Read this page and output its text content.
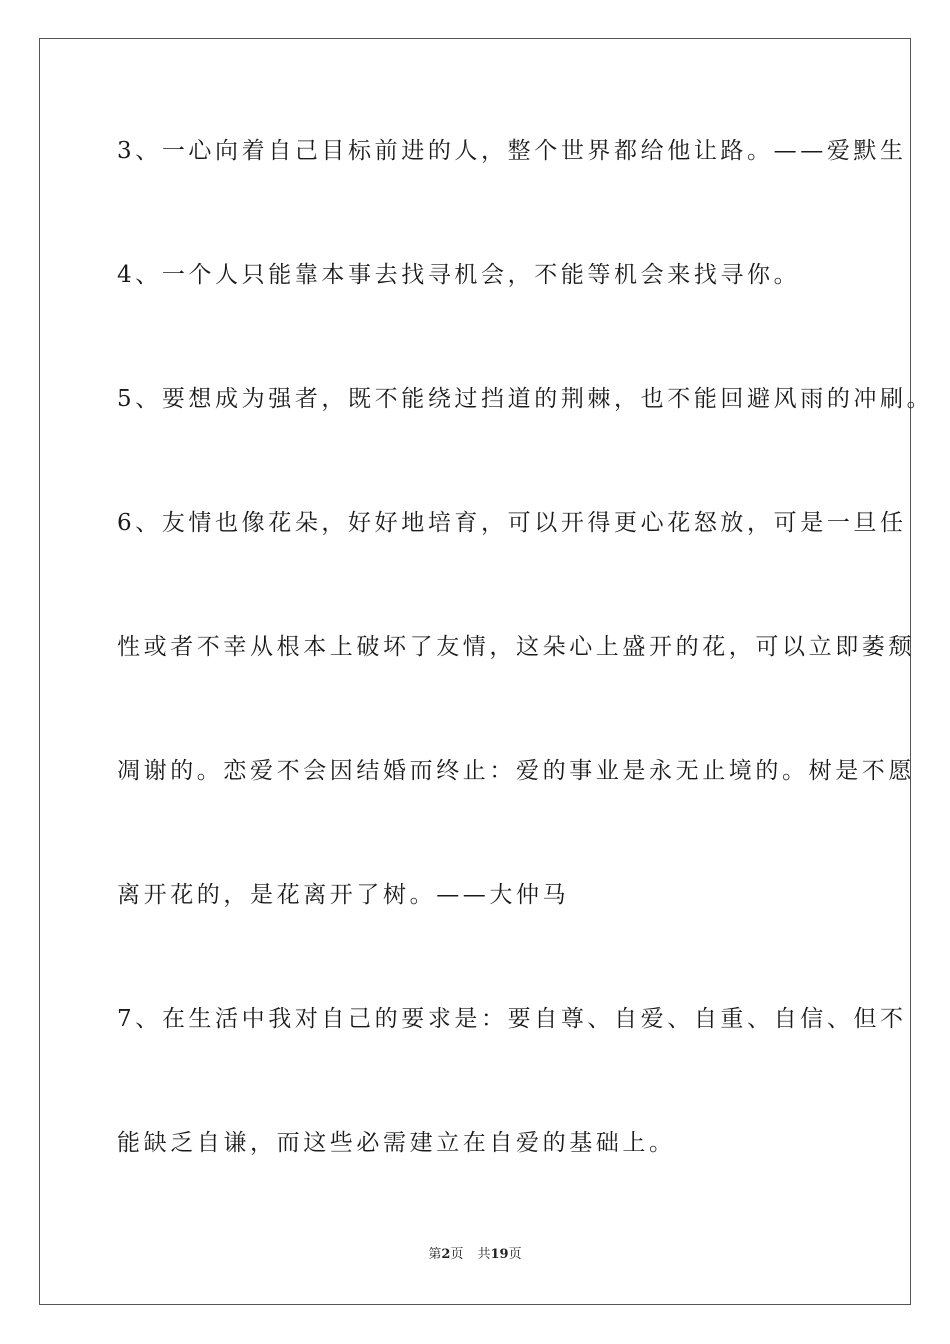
3、一心向着自己目标前进的人，整个世界都给他让路。——爱默生
4、一个人只能靠本事去找寻机会，不能等机会来找寻你。
5、要想成为强者，既不能绕过挡道的荆棘，也不能回避风雨的冲刷。
6、友情也像花朵，好好地培育，可以开得更心花怒放，可是一旦任
性或者不幸从根本上破坏了友情，这朵心上盛开的花，可以立即萎颓
凋谢的。恋爱不会因结婚而终止：爱的事业是永无止境的。树是不愿
离开花的，是花离开了树。——大仲马
7、在生活中我对自己的要求是：要自尊、自爱、自重、自信、但不
能缺乏自谦，而这些必需建立在自爱的基础上。
第2页 共19页
